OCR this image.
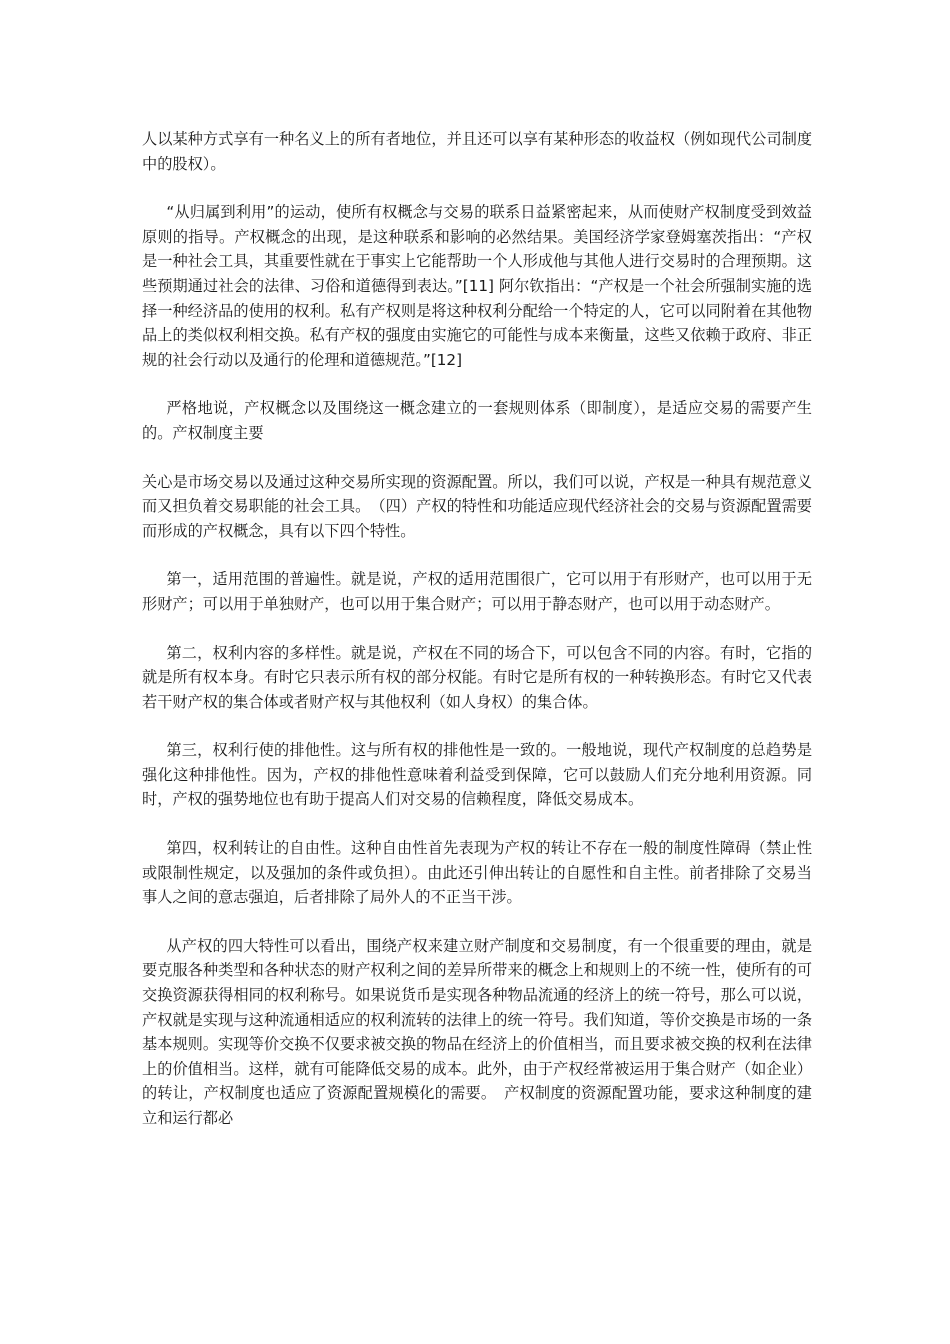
人以某种方式享有一种名义上的所有者地位，并且还可以享有某种形态的收益权（例如现代公司制度中的股权）。

“从归属到利用”的运动，使所有权概念与交易的联系日益紧密起来，从而使财产权制度受到效益原则的指导。产权概念的出现，是这种联系和影响的必然结果。美国经济学家登姆塞茨指出：“产权是一种社会工具，其重要性就在于事实上它能帮助一个人形成他与其他人进行交易时的合理预期。这些预期通过社会的法律、习俗和道德得到表达。”[11] 阿尔钦指出：“产权是一个社会所强制实施的选择一种经济品的使用的权利。私有产权则是将这种权利分配给一个特定的人，它可以同附着在其他物品上的类似权利相交换。私有产权的强度由实施它的可能性与成本来衡量，这些又依赖于政府、非正规的社会行动以及通行的伦理和道德规范。”[12]

严格地说，产权概念以及围绕这一概念建立的一套规则体系（即制度），是适应交易的需要产生的。产权制度主要

关心是市场交易以及通过这种交易所实现的资源配置。所以，我们可以说，产权是一种具有规范意义而又担负着交易职能的社会工具。　（四）产权的特性和功能适应现代经济社会的交易与资源配置需要而形成的产权概念，具有以下四个特性。

第一，适用范围的普遍性。就是说，产权的适用范围很广，它可以用于有形财产，也可以用于无形财产；可以用于单独财产，也可以用于集合财产；可以用于静态财产，也可以用于动态财产。

第二，权利内容的多样性。就是说，产权在不同的场合下，可以包含不同的内容。有时，它指的就是所有权本身。有时它只表示所有权的部分权能。有时它是所有权的一种转换形态。有时它又代表若干财产权的集合体或者财产权与其他权利（如人身权）的集合体。

第三，权利行使的排他性。这与所有权的排他性是一致的。一般地说，现代产权制度的总趋势是强化这种排他性。因为，产权的排他性意味着利益受到保障，它可以鼓励人们充分地利用资源。同时，产权的强势地位也有助于提高人们对交易的信赖程度，降低交易成本。

第四，权利转让的自由性。这种自由性首先表现为产权的转让不存在一般的制度性障碍（禁止性或限制性规定，以及强加的条件或负担）。由此还引伸出转让的自愿性和自主性。前者排除了交易当事人之间的意志强迫，后者排除了局外人的不正当干涉。

从产权的四大特性可以看出，围绕产权来建立财产制度和交易制度，有一个很重要的理由，就是要克服各种类型和各种状态的财产权利之间的差异所带来的概念上和规则上的不统一性，使所有的可交换资源获得相同的权利称号。如果说货币是实现各种物品流通的经济上的统一符号，那么可以说，产权就是实现与这种流通相适应的权利流转的法律上的统一符号。我们知道，等价交换是市场的一条基本规则。实现等价交换不仅要求被交换的物品在经济上的价值相当，而且要求被交换的权利在法律上的价值相当。这样，就有可能降低交易的成本。此外，由于产权经常被运用于集合财产（如企业）的转让，产权制度也适应了资源配置规模化的需要。　产权制度的资源配置功能，要求这种制度的建立和运行都必
